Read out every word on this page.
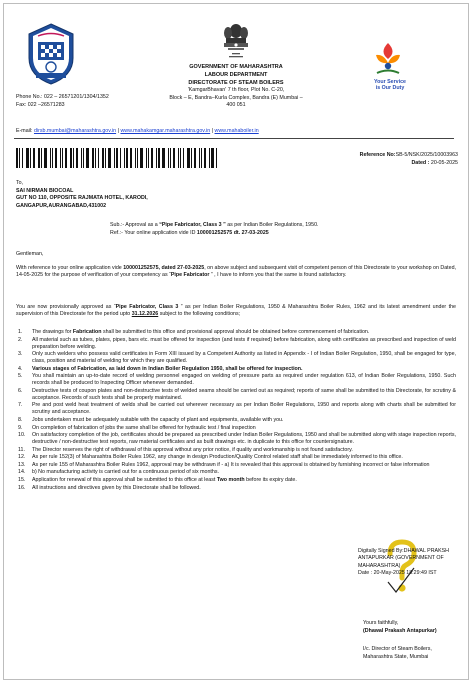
GOVERNMENT OF MAHARASHTRA
LABOUR DEPARTMENT
DIRECTORATE OF STEAM BOILERS
'KamgarBhavan' 7 th floor, Plot No. C-20,
Block – E, Bandra–Kurla Complex, Bandra (E) Mumbai –
400 051
Your Service
is Our Duty
Phone No.: 022 – 26571201/1304/1352
Fax: 022 –26571283
E-mail: dirsb.mumbai@maharashtra.gov.in | www.mahakamgar.maharashtra.gov.in | www.mahaboiler.in
Reference No:SB-5/NSK/2025/10003963
Dated : 20-05-2025
To,
SAI NIRMAN BIOCOAL
GUT NO 110, OPPOSITE RAJMATA HOTEL, KARODI,
GANGAPUR,AURANGABAD,431002
Sub.:- Approval as a “Pipe Fabricator, Class 3 ” as per Indian Boiler Regulations, 1950.
Ref.:- Your online application vide ID 100001252575 dt. 27-03-2025
Gentleman,
With reference to your online application vide 100001252575, dated 27-03-2025, on above subject and subsequent visit of competent person of this Directorate to your workshop on Dated, 14-05-2025 for the purpose of verification of your competency as “Pipe Fabricator ” , I have to inform you that the same is found satisfactory.
You are now provisionally approved as “Pipe Fabricator, Class 3 ” as per Indian Boiler Regulations, 1950 & Maharashtra Boiler Rules, 1962 and its latest amendment under the supervision of this Directorate for the period upto 31.12.2026 subject to the following conditions;
1.	The drawings for Fabrication shall be submitted to this office and provisional approval should be obtained before commencement of fabrication.
2.	All material such as tubes, plates, pipes, bars etc. must be offered for inspection (and tests if required) before fabrication, along with certificates as prescribed and inspection of weld preparation before welding.
3.	Only such welders who possess valid certificates in Form XIII issued by a Competent Authority as listed in Appendix - I of Indian Boiler Regulation, 1950, shall be engaged for type, class, position and material of welding for which they are qualified.
4.	Various stages of Fabrication, as laid down in Indian Boiler Regulation 1950, shall be offered for inspection.
5.	You shall maintain an up-to-date record of welding personnel engaged on welding of pressure parts as required under regulation 613, of Indian Boiler Regulations, 1950. Such records shall be produced to Inspecting Officer whenever demanded.
6.	Destructive tests of coupon plates and non-destructive tests of welded seams should be carried out as required; reports of same shall be submitted to this Directorate, for scrutiny & acceptance. Records of such tests shall be properly maintained.
7.	Pre and post weld heat treatment of welds shall be carried out wherever necessary as per Indian Boiler Regulations, 1950 and reports along with charts shall be submitted for scrutiny and acceptance.
8.	Jobs undertaken must be adequately suitable with the capacity of plant and equipments, available with you.
9.	On completion of fabrication of jobs the same shall be offered for hydraulic test / final inspection
10.	On satisfactory completion of the job, certificates should be prepared as prescribed under Indian Boiler Regulations, 1950 and shall be submitted along with stage inspection reports, destructive / non-destructive test reports, raw material certificates and as built drawings etc. in duplicate to this office for countersignature.
11.	The Director reserves the right of withdrawal of this approval without any prior notice, if quality and workmanship is not found satisfactory.
12.	As per rule 152(3) of Maharashtra Boiler Rules 1962, any change in design Production/Quality Control related staff shall be immediately informed to this office.
13.	As per rule 155 of Maharashtra Boiler Rules 1962, approval may be withdrawn if - a) It is revealed that this approval is obtained by furnishing incorrect or false information
14.	b) No manufacturing activity is carried out for a continuous period of six months.
15.	Application for renewal of this approval shall be submitted to this office at least Two month before its expiry date.
16.	All instructions and directives given by this Directorate shall be followed.
Digitally Signed By:DHAWAL PRAKSH
ANTAPURKAR (GOVERNMENT OF
MAHARASHTRA)
Date : 20-May-2025 18:29:49 IST
Yours faithfully,
(Dhawal Prakash Antapurkar)
I/c. Director of Steam Boilers,
Maharashtra State, Mumbai
